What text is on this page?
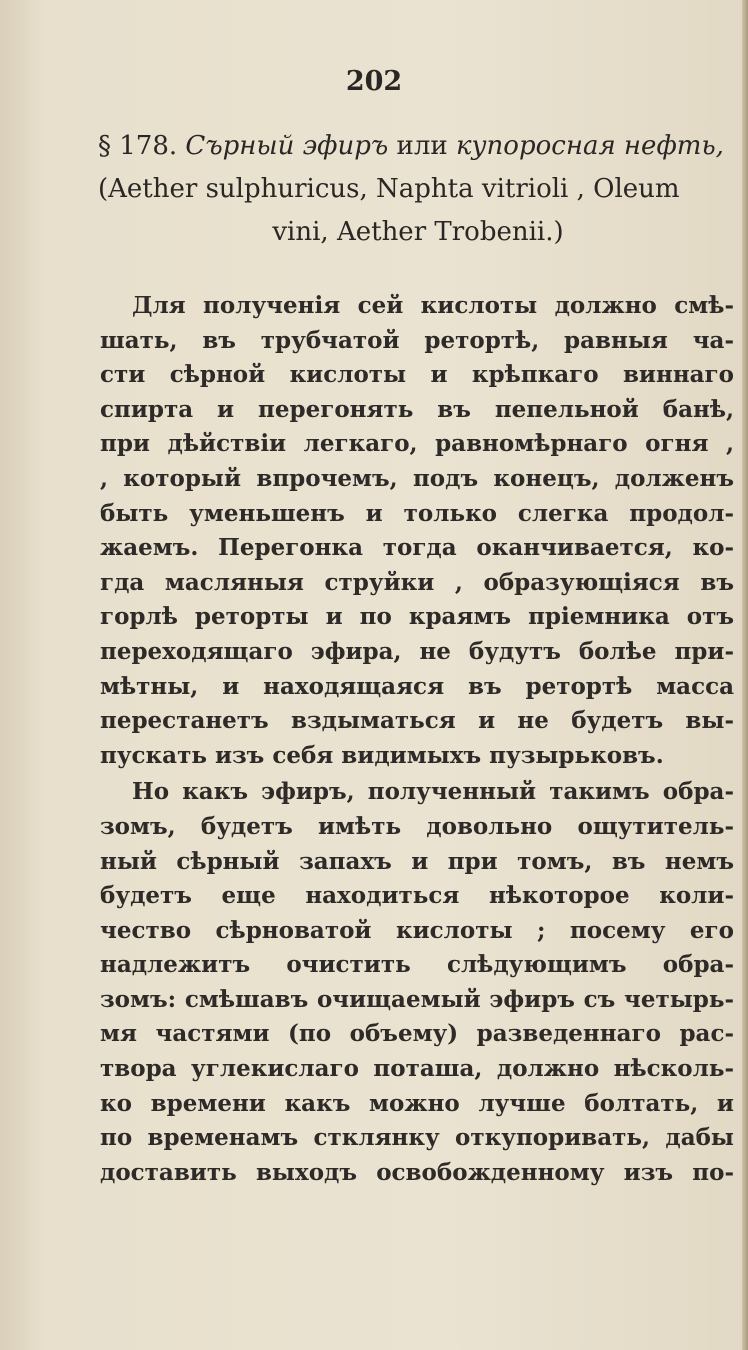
202
§ 178. Сърный эфиръ или купоросная нефть,
(Aether sulphuricus, Naphta vitrioli , Oleum
vini, Aether Trobenii.)
Для полученія сей кислоты должно смѣ-
шать, въ трубчатой ретортѣ, равныя ча-
сти сѣрной кислоты и крѣпкаго виннаго
спирта и перегонять въ пепельной банѣ,
при дѣйствіи легкаго, равномѣрнаго огня ,
, который впрочемъ, подъ конецъ, долженъ
быть уменьшенъ и только слегка продол-
жаемъ. Перегонка тогда оканчивается, ко-
гда масляныя струйки , образующіяся въ
горлѣ реторты и по краямъ пріемника отъ
переходящаго эфира, не будутъ болѣе при-
мѣтны, и находящаяся въ ретортѣ масса
перестанетъ вздыматься и не будетъ вы-
пускать изъ себя видимыхъ пузырьковъ.
Но какъ эфиръ, полученный такимъ обра-
зомъ, будетъ имѣть довольно ощутитель-
ный сѣрный запахъ и при томъ, въ немъ
будетъ еще находиться нѣкоторое коли-
чество сѣрноватой кислоты ; посему его
надлежитъ очистить слѣдующимъ обра-
зомъ: смѣшавъ очищаемый эфиръ съ четырь-
мя частями (по объему) разведеннаго рас-
твора углекислаго поташа, должно нѣсколь-
ко времени какъ можно лучше болтать, и
по временамъ стклянку откупоривать, дабы
доставить выходъ освобожденному изъ по-
